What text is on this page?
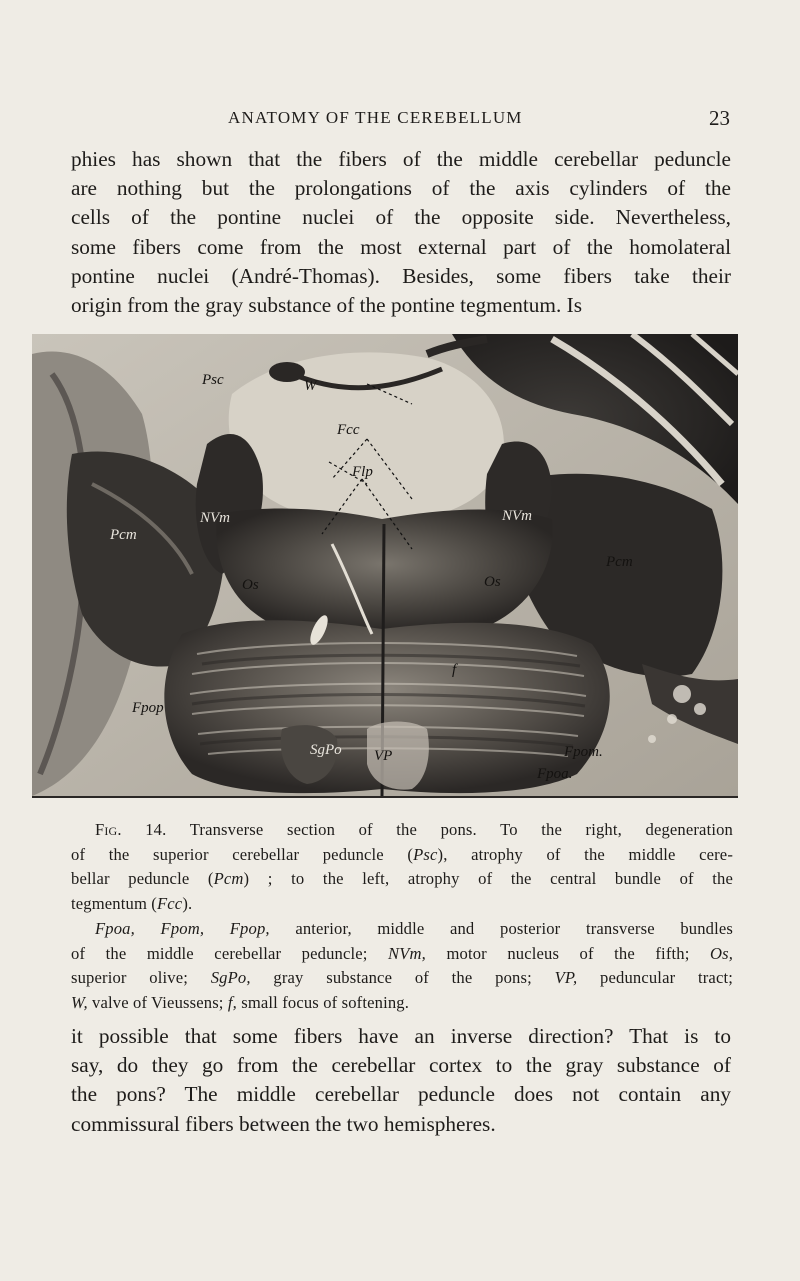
ANATOMY OF THE CEREBELLUM	23

phies has shown that the fibers of the middle cerebellar peduncle
are nothing but the prolongations of the axis cylinders of the
cells of the pontine nuclei of the opposite side. Nevertheless,
some fibers come from the most external part of the homolateral
pontine nuclei (André-Thomas). Besides, some fibers take their
origin from the gray substance of the pontine tegmentum. Is

Psc	W
Fcc
Flp
NVm	NVm
Pcm
Pcm
Os	Os
f
Fpop
SgPo VP	Fpom.
Fpoa.
Fig. 14. Transverse section of the pons. To the right, degeneration
of the superior cerebellar peduncle (Psc), atrophy of the middle cere-
bellar peduncle (Pcm) ; to the left, atrophy of the central bundle of the
tegmentum (Fcc).
Fpoa, Fpom, Fpop, anterior, middle and posterior transverse bundles
of the middle cerebellar peduncle; NVm, motor nucleus of the fifth; Os,
superior olive; SgPo, gray substance of the pons; VP, peduncular tract;
W, valve of Vieussens; f, small focus of softening.

it possible that some fibers have an inverse direction? That is to
say, do they go from the cerebellar cortex to the gray substance of
the pons? The middle cerebellar peduncle does not contain any
commissural fibers between the two hemispheres.
